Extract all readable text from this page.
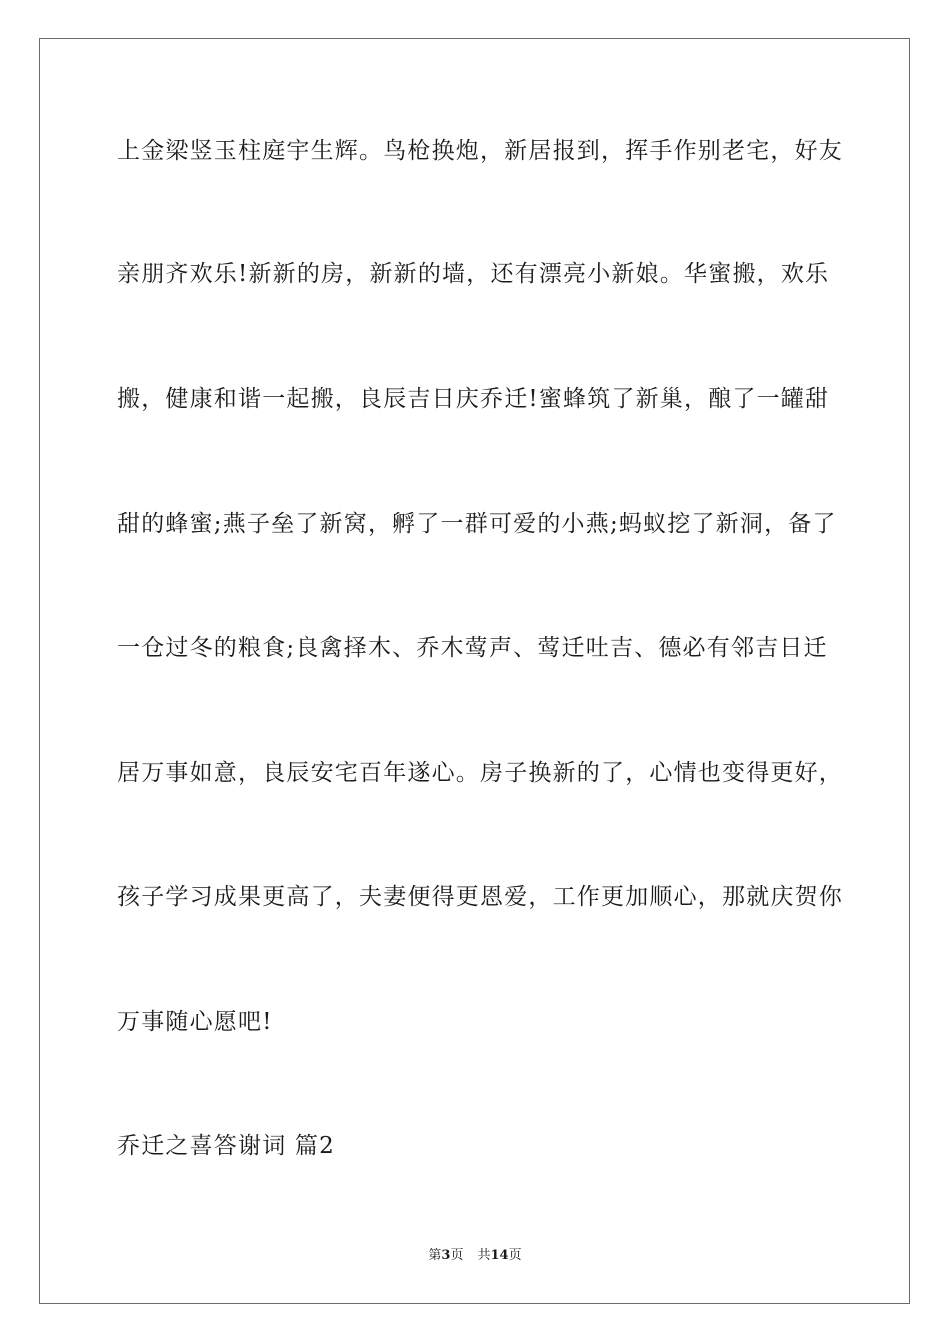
上金梁竖玉柱庭宇生辉。鸟枪换炮，新居报到，挥手作别老宅，好友
亲朋齐欢乐!新新的房，新新的墙，还有漂亮小新娘。华蜜搬，欢乐
搬，健康和谐一起搬，良辰吉日庆乔迁!蜜蜂筑了新巢，酿了一罐甜
甜的蜂蜜;燕子垒了新窝，孵了一群可爱的小燕;蚂蚁挖了新洞，备了
一仓过冬的粮食;良禽择木、乔木莺声、莺迁吐吉、德必有邻吉日迁
居万事如意，良辰安宅百年遂心。房子换新的了，心情也变得更好，
孩子学习成果更高了，夫妻便得更恩爱，工作更加顺心，那就庆贺你
万事随心愿吧!
乔迁之喜答谢词 篇2
第3页 共14页
